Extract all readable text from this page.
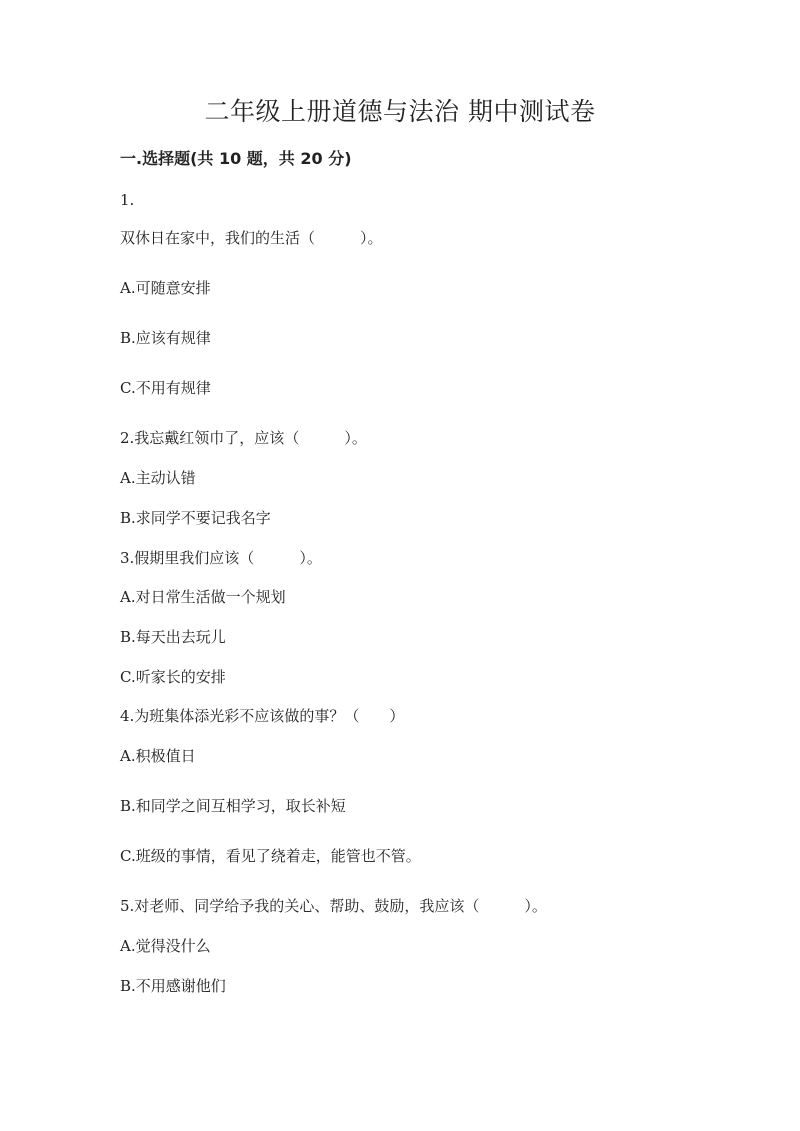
二年级上册道德与法治 期中测试卷
一.选择题(共 10 题，共 20 分)
1.
双休日在家中，我们的生活（　　　）。
A.可随意安排
B.应该有规律
C.不用有规律
2.我忘戴红领巾了，应该（　　　）。
A.主动认错
B.求同学不要记我名字
3.假期里我们应该（　　　）。
A.对日常生活做一个规划
B.每天出去玩儿
C.听家长的安排
4.为班集体添光彩不应该做的事？（　　）
A.积极值日
B.和同学之间互相学习，取长补短
C.班级的事情，看见了绕着走，能管也不管。
5.对老师、同学给予我的关心、帮助、鼓励，我应该（　　　）。
A.觉得没什么
B.不用感谢他们
